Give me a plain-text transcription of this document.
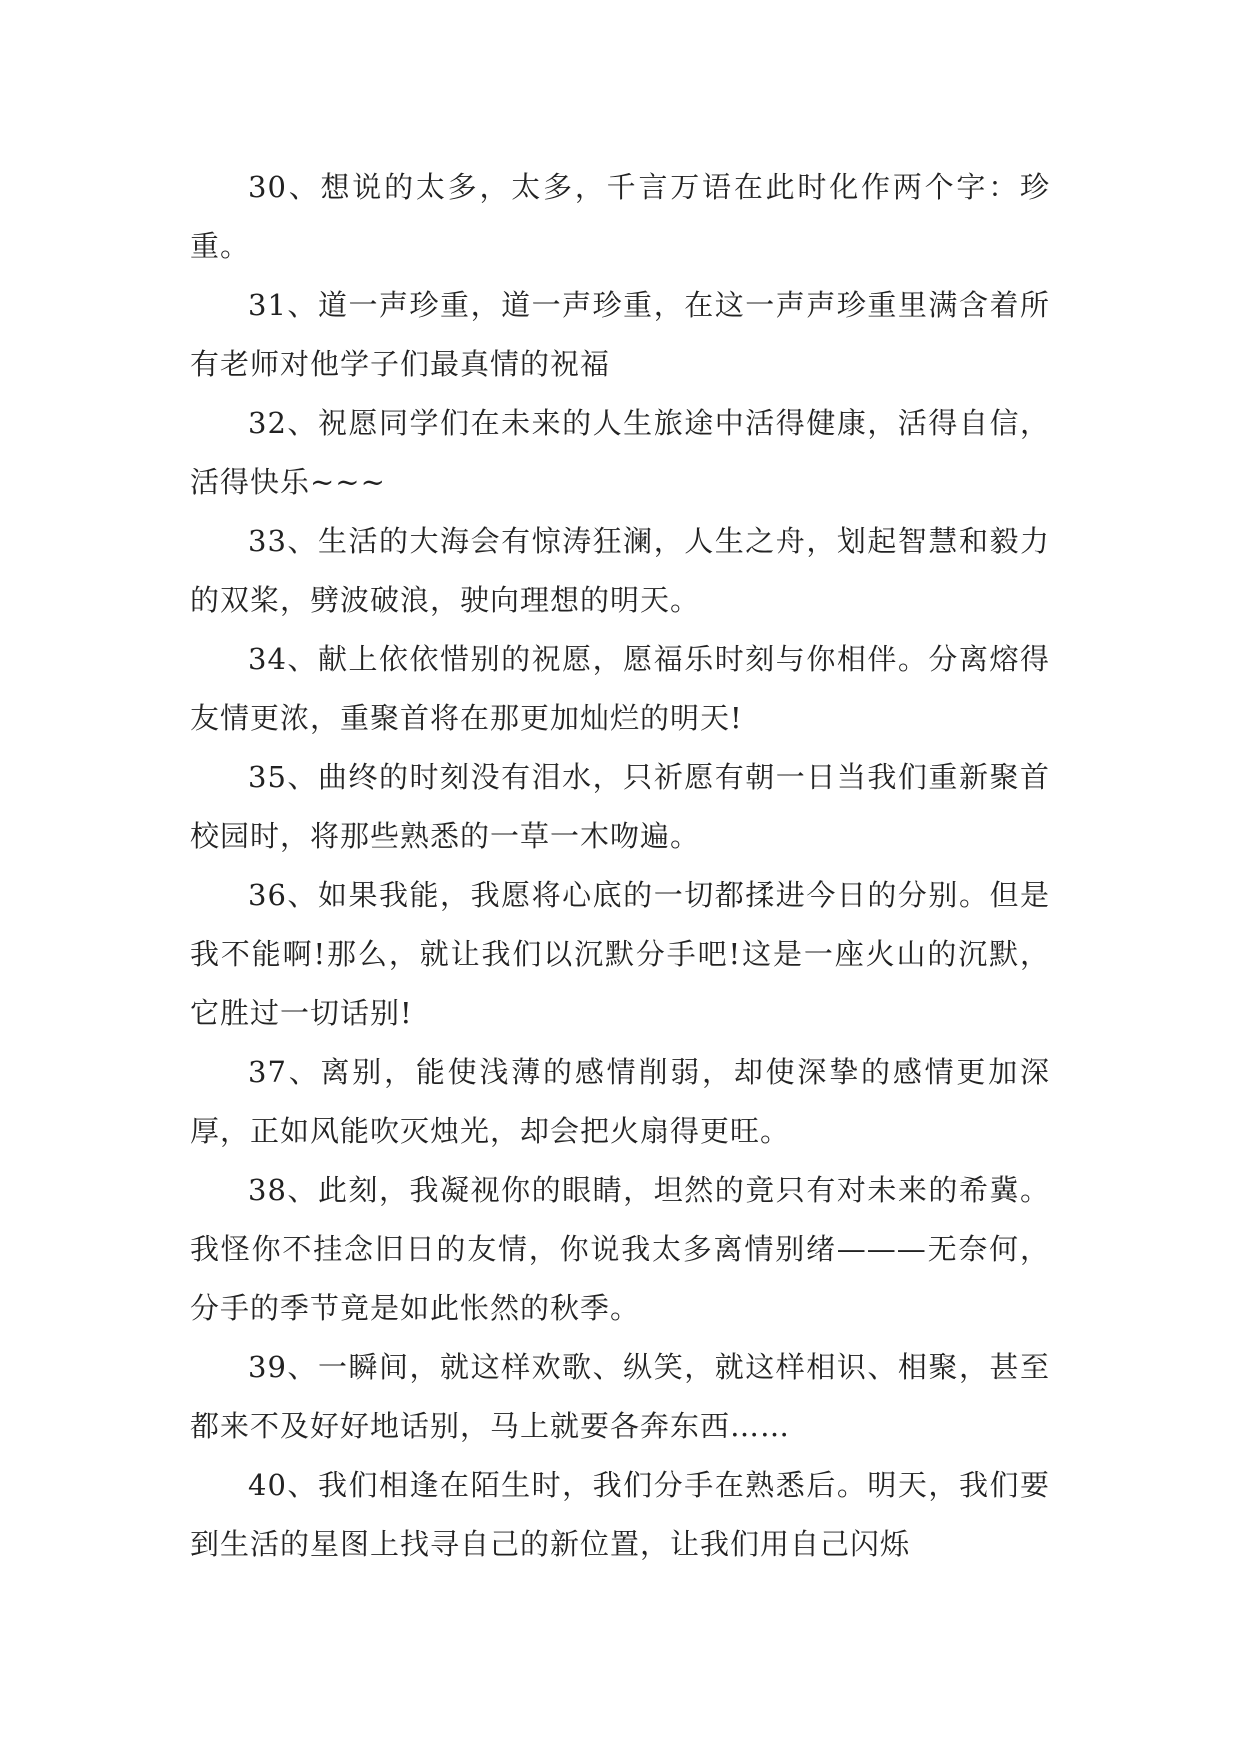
30、想说的太多，太多，千言万语在此时化作两个字：珍重。

31、道一声珍重，道一声珍重，在这一声声珍重里满含着所有老师对他学子们最真情的祝福

32、祝愿同学们在未来的人生旅途中活得健康，活得自信，活得快乐~~~

33、生活的大海会有惊涛狂澜，人生之舟，划起智慧和毅力的双桨，劈波破浪，驶向理想的明天。

34、献上依依惜别的祝愿，愿福乐时刻与你相伴。分离熔得友情更浓，重聚首将在那更加灿烂的明天!

35、曲终的时刻没有泪水，只祈愿有朝一日当我们重新聚首校园时，将那些熟悉的一草一木吻遍。

36、如果我能，我愿将心底的一切都揉进今日的分别。但是我不能啊!那么，就让我们以沉默分手吧!这是一座火山的沉默，它胜过一切话别!

37、离别，能使浅薄的感情削弱，却使深挚的感情更加深厚，正如风能吹灭烛光，却会把火扇得更旺。

38、此刻，我凝视你的眼睛，坦然的竟只有对未来的希冀。我怪你不挂念旧日的友情，你说我太多离情别绪———无奈何，分手的季节竟是如此怅然的秋季。

39、一瞬间，就这样欢歌、纵笑，就这样相识、相聚，甚至都来不及好好地话别，马上就要各奔东西……

40、我们相逢在陌生时，我们分手在熟悉后。明天，我们要到生活的星图上找寻自己的新位置，让我们用自己闪烁
